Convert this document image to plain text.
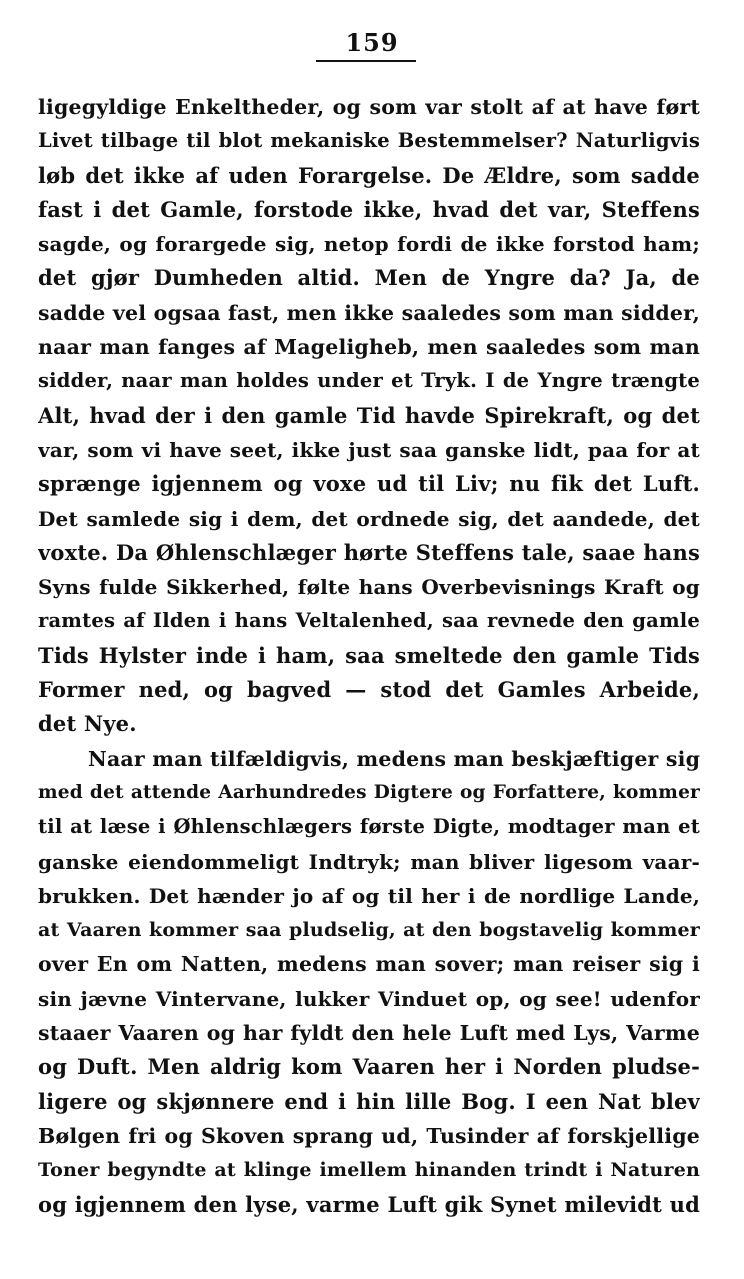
159
ligegyldige Enkeltheder, og som var stolt af at have ført
Livet tilbage til blot mekaniske Bestemmelser? Naturligvis
løb det ikke af uden Forargelse. De Ældre, som sadde
fast i det Gamle, forstode ikke, hvad det var, Steffens
sagde, og forargede sig, netop fordi de ikke forstod ham;
det gjør Dumheden altid. Men de Yngre da? Ja, de
sadde vel ogsaa fast, men ikke saaledes som man sidder,
naar man fanges af Mageligheb, men saaledes som man
sidder, naar man holdes under et Tryk. I de Yngre trængte
Alt, hvad der i den gamle Tid havde Spirekraft, og det
var, som vi have seet, ikke just saa ganske lidt, paa for at
sprænge igjennem og voxe ud til Liv; nu fik det Luft.
Det samlede sig i dem, det ordnede sig, det aandede, det
voxte. Da Øhlenschlæger hørte Steffens tale, saae hans
Syns fulde Sikkerhed, følte hans Overbevisnings Kraft og
ramtes af Ilden i hans Veltalenhed, saa revnede den gamle
Tids Hylster inde i ham, saa smeltede den gamle Tids
Former ned, og bagved — stod det Gamles Arbeide,
det Nye.
Naar man tilfældigvis, medens man beskjæftiger sig
med det attende Aarhundredes Digtere og Forfattere, kommer
til at læse i Øhlenschlægers første Digte, modtager man et
ganske eiendommeligt Indtryk; man bliver ligesom vaar-
brukken. Det hænder jo af og til her i de nordlige Lande,
at Vaaren kommer saa pludselig, at den bogstavelig kommer
over En om Natten, medens man sover; man reiser sig i
sin jævne Vintervane, lukker Vinduet op, og see! udenfor
staaer Vaaren og har fyldt den hele Luft med Lys, Varme
og Duft. Men aldrig kom Vaaren her i Norden pludse-
ligere og skjønnere end i hin lille Bog. I een Nat blev
Bølgen fri og Skoven sprang ud, Tusinder af forskjellige
Toner begyndte at klinge imellem hinanden trindt i Naturen
og igjennem den lyse, varme Luft gik Synet milevidt ud
